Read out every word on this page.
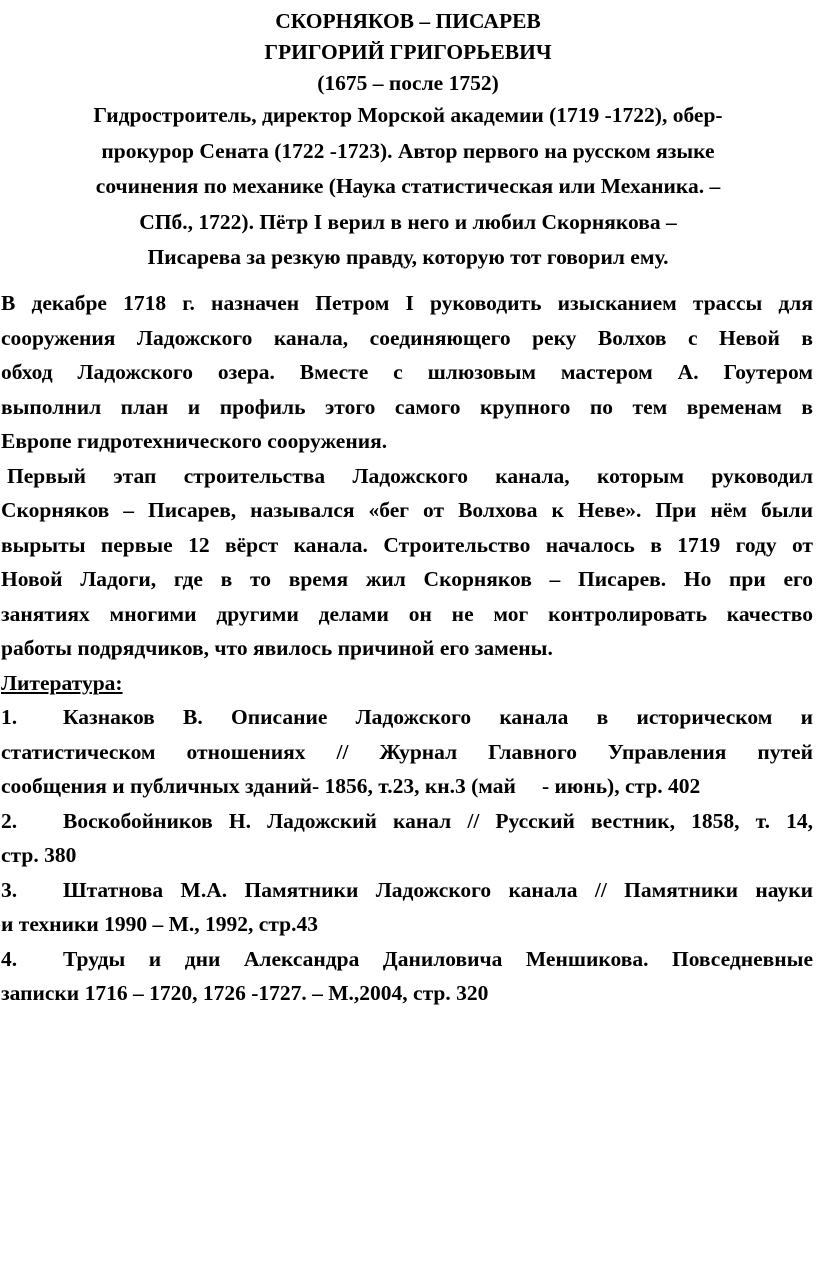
СКОРНЯКОВ – ПИСАРЕВ
ГРИГОРИЙ ГРИГОРЬЕВИЧ
(1675 – после 1752)
Гидростроитель, директор Морской академии (1719 -1722), обер-
прокурор Сената (1722 -1723). Автор первого на русском языке
сочинения по механике (Наука статистическая или Механика. –
СПб., 1722). Пётр I верил в него и любил Скорнякова –
Писарева за резкую правду, которую тот говорил ему.
В декабре 1718 г. назначен Петром I руководить изысканием трассы для
сооружения Ладожского канала, соединяющего реку Волхов с Невой в
обход Ладожского озера. Вместе с шлюзовым мастером А. Гоутером
выполнил план и профиль этого самого крупного по тем временам в
Европе гидротехнического сооружения.
Первый этап строительства Ладожского канала, которым руководил
Скорняков – Писарев, назывался «бег от Волхова к Неве». При нём были
вырыты первые 12 вёрст канала. Строительство началось в 1719 году от
Новой Ладоги, где в то время жил Скорняков – Писарев. Но при его
занятиях многими другими делами он не мог контролировать качество
работы подрядчиков, что явилось причиной его замены.
Литература:
1. Казнаков В. Описание Ладожского канала в историческом и
статистическом отношениях // Журнал Главного Управления путей
сообщения и публичных зданий- 1856, т.23, кн.3 (май - июнь), стр. 402
2. Воскобойников Н. Ладожский канал // Русский вестник, 1858, т. 14,
стр. 380
3. Штатнова М.А. Памятники Ладожского канала // Памятники науки
и техники 1990 – М., 1992, стр.43
4. Труды и дни Александра Даниловича Меншикова. Повседневные
записки 1716 – 1720, 1726 -1727. – М.,2004, стр. 320
